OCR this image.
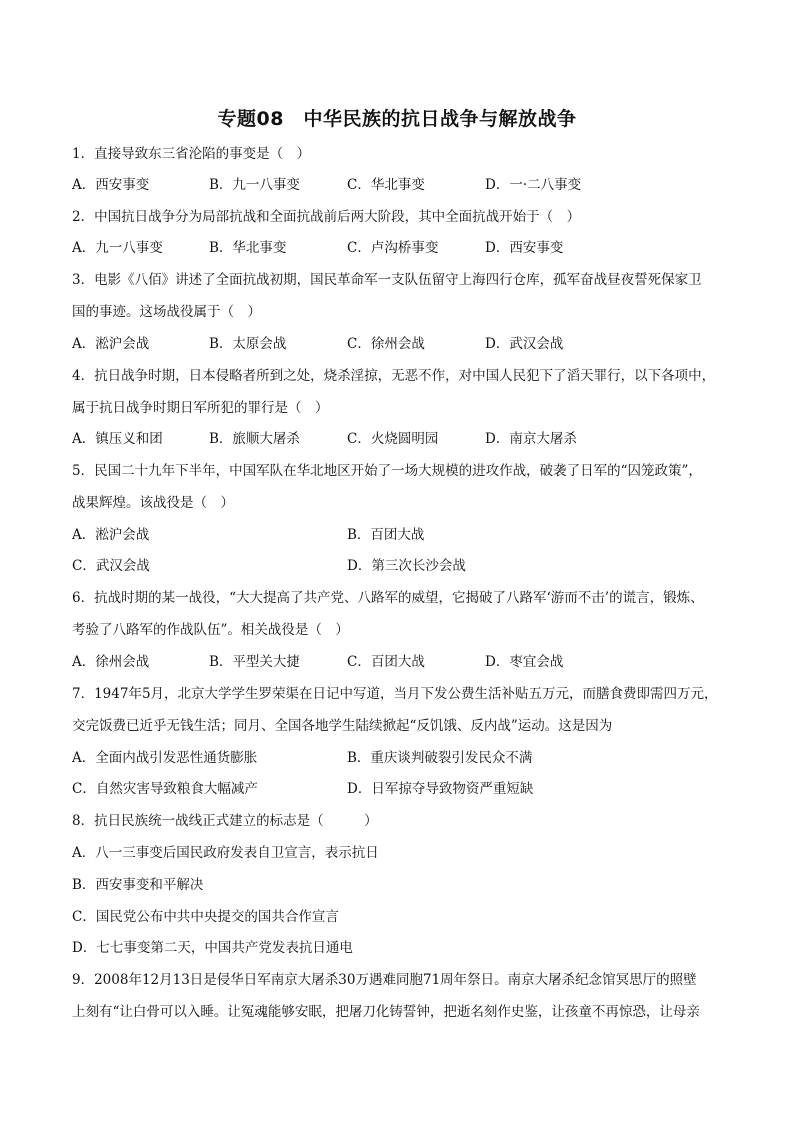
专题08　中华民族的抗日战争与解放战争
1．直接导致东三省沦陷的事变是（　）
A．西安事变	B．九一八事变	C．华北事变	D．一·二八事变
2．中国抗日战争分为局部抗战和全面抗战前后两大阶段，其中全面抗战开始于（　）
A．九一八事变	B．华北事变	C．卢沟桥事变	D．西安事变
3．电影《八佰》讲述了全面抗战初期，国民革命军一支队伍留守上海四行仓库，孤军奋战昼夜誓死保家卫
国的事迹。这场战役属于（　）
A．淞沪会战	B．太原会战	C．徐州会战	D．武汉会战
4．抗日战争时期，日本侵略者所到之处，烧杀淫掠，无恶不作，对中国人民犯下了滔天罪行，以下各项中，
属于抗日战争时期日军所犯的罪行是（　）
A．镇压义和团	B．旅顺大屠杀	C．火烧圆明园	D．南京大屠杀
5．民国二十九年下半年，中国军队在华北地区开始了一场大规模的进攻作战，破袭了日军的“囚笼政策”，
战果辉煌。该战役是（　）
A．淞沪会战	B．百团大战
C．武汉会战	D．第三次长沙会战
6．抗战时期的某一战役，“大大提高了共产党、八路军的威望，它揭破了八路军‘游而不击’的谎言，锻炼、
考验了八路军的作战队伍”。相关战役是（　）
A．徐州会战	B．平型关大捷	C．百团大战	D．枣宜会战
7．1947年5月，北京大学学生罗荣渠在日记中写道，当月下发公费生活补贴五万元，而膳食费即需四万元，
交完饭费已近乎无钱生活；同月、全国各地学生陆续掀起“反饥饿、反内战”运动。这是因为
A．全面内战引发恶性通货膨胀	B．重庆谈判破裂引发民众不满
C．自然灾害导致粮食大幅减产	D．日军掠夺导致物资严重短缺
8．抗日民族统一战线正式建立的标志是（　　　）
A．八一三事变后国民政府发表自卫宣言，表示抗日
B．西安事变和平解决
C．国民党公布中共中央提交的国共合作宣言
D．七七事变第二天，中国共产党发表抗日通电
9．2008年12月13日是侵华日军南京大屠杀30万遇难同胞71周年祭日。南京大屠杀纪念馆冥思厅的照壁
上刻有“让白骨可以入睡。让冤魂能够安眠，把屠刀化铸誓钟，把逝名刻作史鉴，让孩童不再惊恐，让母亲
